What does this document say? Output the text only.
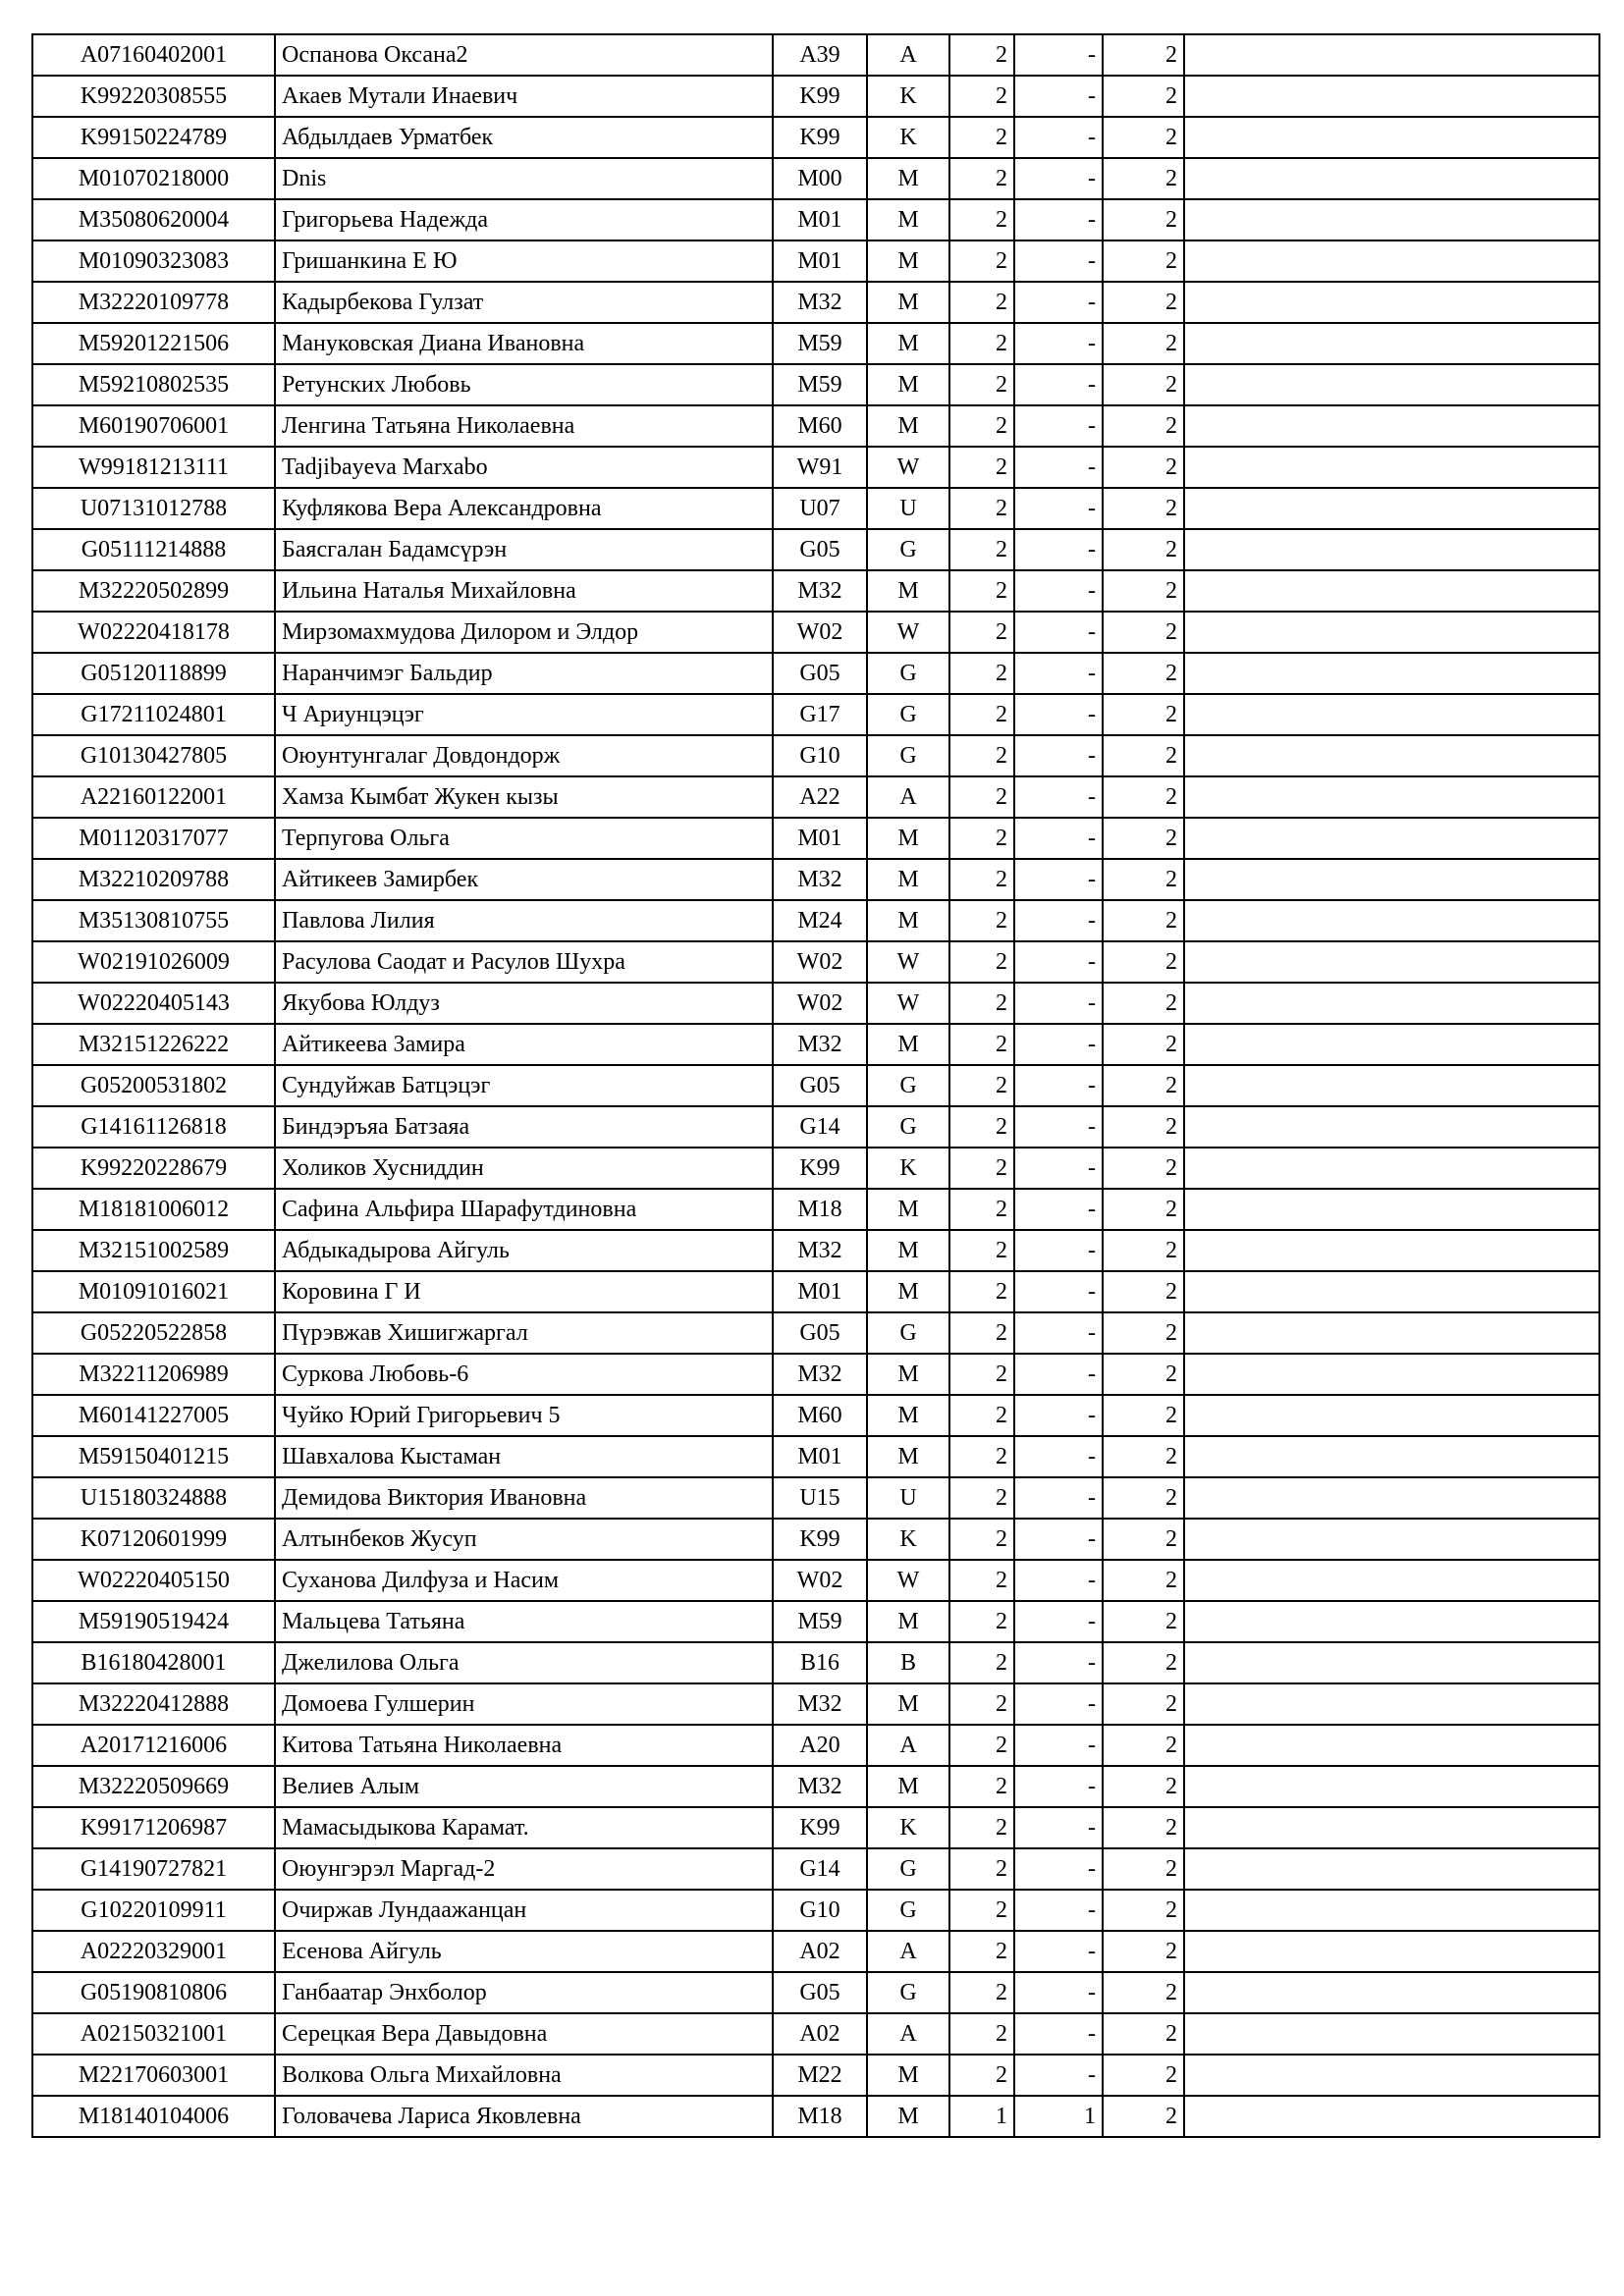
A07160402001	Оспанова Оксана2	A39	A	2	-	2	
K99220308555	Акаев Мутали Инаевич	K99	K	2	-	2	
K99150224789	Абдылдаев Урматбек	K99	K	2	-	2	
M01070218000	Dnis	M00	M	2	-	2	
M35080620004	Григорьева Надежда	M01	M	2	-	2	
M01090323083	Гришанкина Е Ю	M01	M	2	-	2	
M32220109778	Кадырбекова Гулзат	M32	M	2	-	2	
M59201221506	Мануковская Диана Ивановна	M59	M	2	-	2	
M59210802535	Ретунских Любовь	M59	M	2	-	2	
M60190706001	Ленгина Татьяна Николаевна	M60	M	2	-	2	
W99181213111	Tadjibayeva Marxabo	W91	W	2	-	2	
U07131012788	Куфлякова Вера Александровна	U07	U	2	-	2	
G05111214888	Баясгалан Бадамсүрэн	G05	G	2	-	2	
M32220502899	Ильина Наталья Михайловна	M32	M	2	-	2	
W02220418178	Мирзомахмудова Дилором и Элдор	W02	W	2	-	2	
G05120118899	Наранчимэг Бальдир	G05	G	2	-	2	
G17211024801	Ч Ариунцэцэг	G17	G	2	-	2	
G10130427805	Оюунтунгалаг Довдондорж	G10	G	2	-	2	
A22160122001	Хамза Кымбат Жукен кызы	A22	A	2	-	2	
M01120317077	Терпугова Ольга	M01	M	2	-	2	
M32210209788	Айтикеев Замирбек	M32	M	2	-	2	
M35130810755	Павлова Лилия	M24	M	2	-	2	
W02191026009	Расулова Саодат и Расулов Шухра	W02	W	2	-	2	
W02220405143	Якубова Юлдуз	W02	W	2	-	2	
M32151226222	Айтикеева Замира	M32	M	2	-	2	
G05200531802	Сундуйжав Батцэцэг	G05	G	2	-	2	
G14161126818	Биндэръяа Батзаяа	G14	G	2	-	2	
K99220228679	Холиков Хусниддин	K99	K	2	-	2	
M18181006012	Сафина Альфира Шарафутдиновна	M18	M	2	-	2	
M32151002589	Абдыкадырова Айгуль	M32	M	2	-	2	
M01091016021	Коровина Г И	M01	M	2	-	2	
G05220522858	Пүрэвжав Хишигжаргал	G05	G	2	-	2	
M32211206989	Суркова Любовь-6	M32	M	2	-	2	
M60141227005	Чуйко Юрий Григорьевич 5	M60	M	2	-	2	
M59150401215	Шавхалова Кыстаман	M01	M	2	-	2	
U15180324888	Демидова Виктория Ивановна	U15	U	2	-	2	
K07120601999	Алтынбеков Жусуп	K99	K	2	-	2	
W02220405150	Суханова Дилфуза и Насим	W02	W	2	-	2	
M59190519424	Мальцева Татьяна	M59	M	2	-	2	
B16180428001	Джелилова Ольга	B16	B	2	-	2	
M32220412888	Домоева Гулшерин	M32	M	2	-	2	
A20171216006	Китова Татьяна Николаевна	A20	A	2	-	2	
M32220509669	Велиев Алым	M32	M	2	-	2	
K99171206987	Мамасыдыкова Карамат.	K99	K	2	-	2	
G14190727821	Оюунгэрэл Маргад-2	G14	G	2	-	2	
G10220109911	Очиржав Лундаажанцан	G10	G	2	-	2	
A02220329001	Есенова Айгуль	A02	A	2	-	2	
G05190810806	Ганбаатар Энхболор	G05	G	2	-	2	
A02150321001	Серецкая Вера Давыдовна	A02	A	2	-	2	
M22170603001	Волкова Ольга Михайловна	M22	M	2	-	2	
M18140104006	Головачева Лариса Яковлевна	M18	M	1	1	2	
